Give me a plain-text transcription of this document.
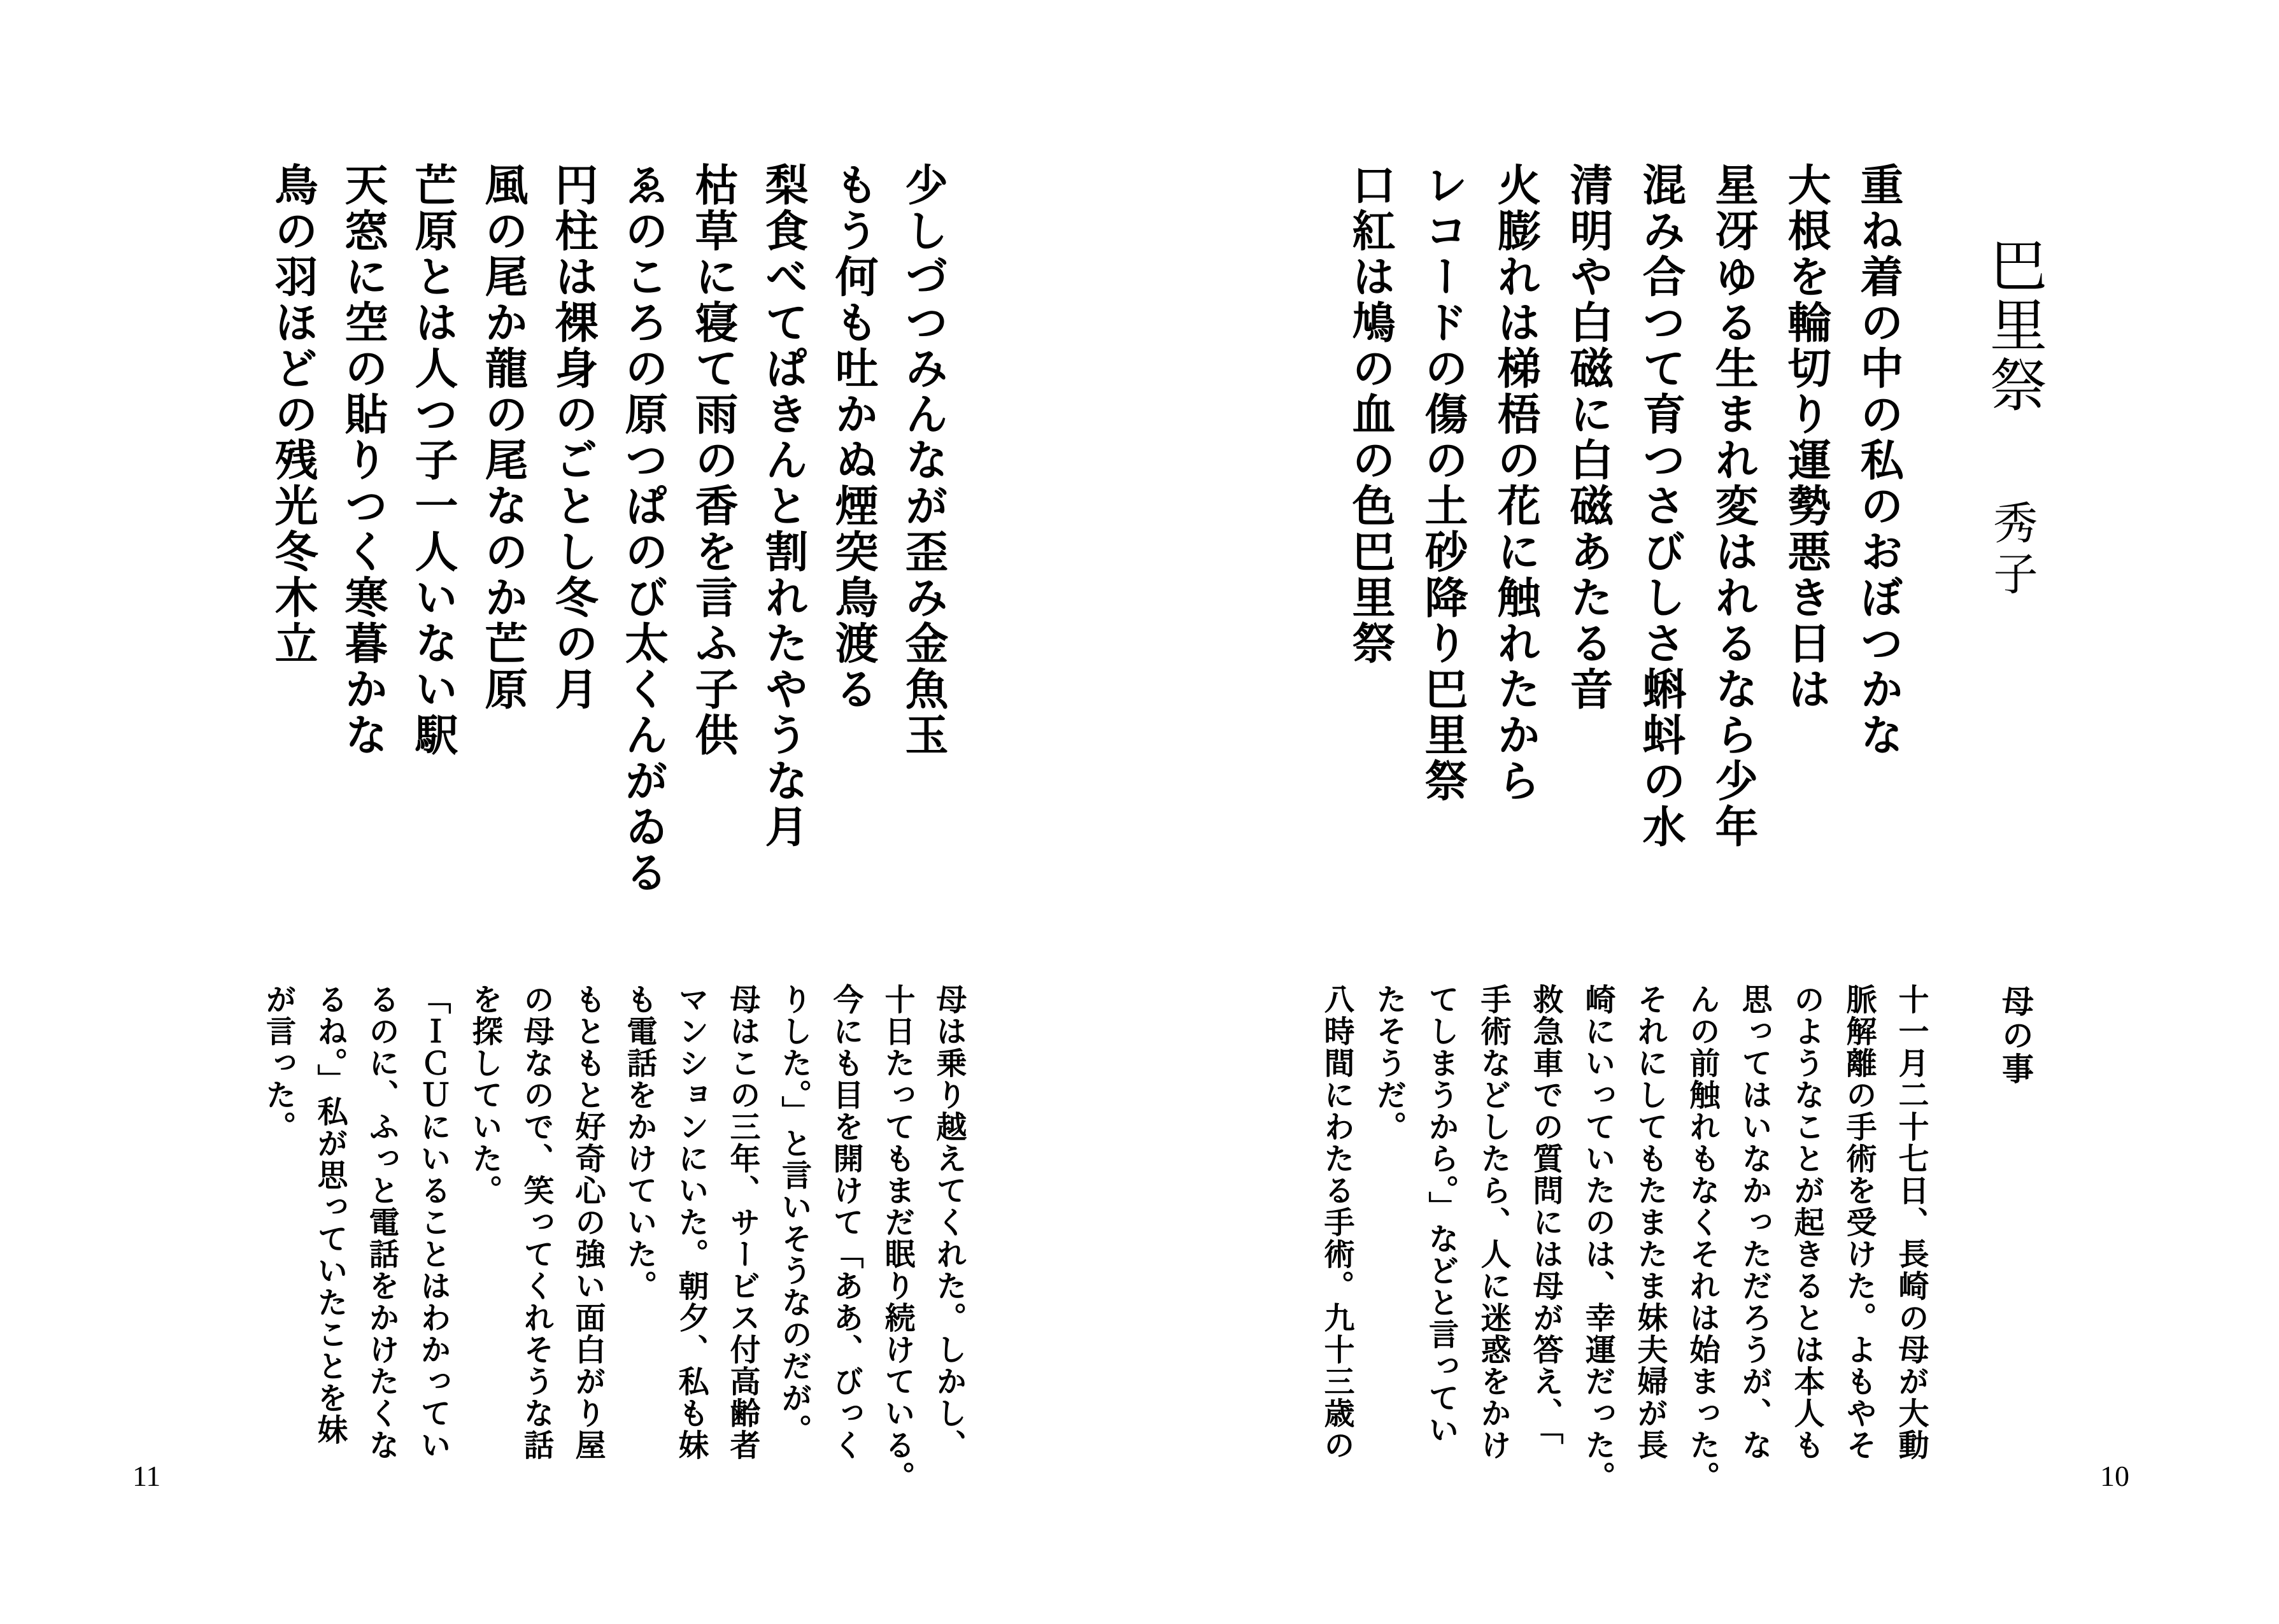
巴里祭
秀子
重ね着の中の私のおぼつかな
大根を輪切り運勢悪き日は
星冴ゆる生まれ変はれるなら少年
混み合つて育つさびしさ蝌蚪の水
清明や白磁に白磁あたる音
火膨れは梯梧の花に触れたから
レコードの傷の土砂降り巴里祭
口紅は鳩の血の色巴里祭
母の事
十一月二十七日、長崎の母が大動
脈解離の手術を受けた。よもやそ
のようなことが起きるとは本人も
思ってはいなかっただろうが、な
んの前触れもなくそれは始まった。
それにしてもたまたま妹夫婦が長
崎にいっていたのは、幸運だった。
救急車での質問には母が答え、「
手術などしたら、人に迷惑をかけ
てしまうから。」などと言ってい
たそうだ。
八時間にわたる手術。九十三歳の
10
少しづつみんなが歪み金魚玉
もう何も吐かぬ煙突鳥渡る
梨食べてぱきんと割れたやうな月
枯草に寝て雨の香を言ふ子供
ゑのころの原つぱのび太くんがゐる
円柱は裸身のごとし冬の月
風の尾か龍の尾なのか芒原
芒原とは人つ子一人いない駅
天窓に空の貼りつく寒暮かな
鳥の羽ほどの残光冬木立
母は乗り越えてくれた。しかし、
十日たってもまだ眠り続けている。
今にも目を開けて「ああ、びっく
りした。」と言いそうなのだが。
母はこの三年、サービス付高齢者
マンションにいた。朝夕、私も妹
も電話をかけていた。
もともと好奇心の強い面白がり屋
の母なので、笑ってくれそうな話
を探していた。
「ＩＣＵにいることはわかってい
るのに、ふっと電話をかけたくな
るね。」私が思っていたことを妹
が言った。
11
